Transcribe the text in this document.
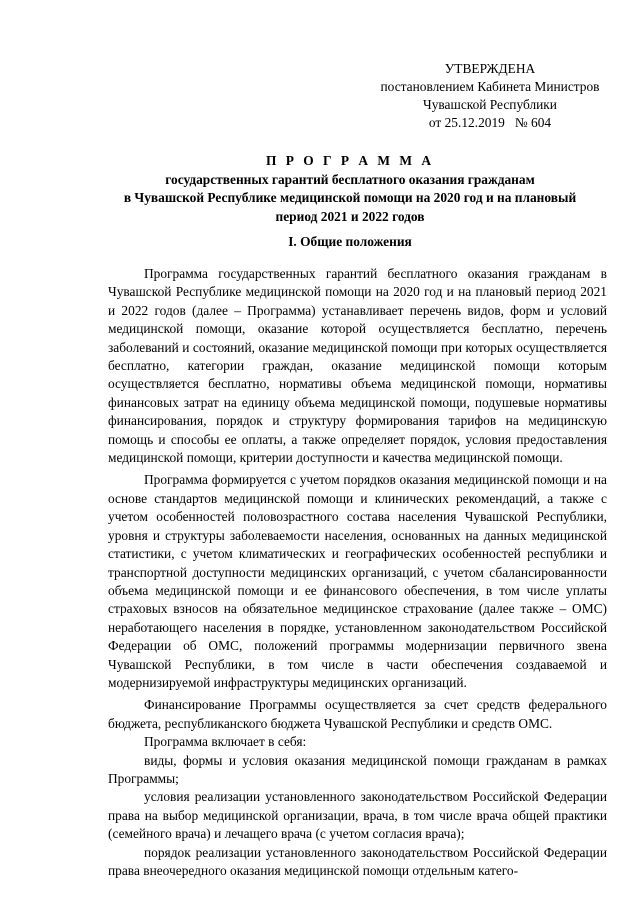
УТВЕРЖДЕНА
постановлением Кабинета Министров
Чувашской Республики
от 25.12.2019   № 604
П Р О Г Р А М М А
государственных гарантий бесплатного оказания гражданам
в Чувашской Республике медицинской помощи на 2020 год и на плановый
период 2021 и 2022 годов
I. Общие положения

Программа государственных гарантий бесплатного оказания гражданам в Чувашской Республике медицинской помощи на 2020 год и на плановый период 2021 и 2022 годов (далее – Программа) устанавливает перечень видов, форм и условий медицинской помощи, оказание которой осуществляется бесплатно, перечень заболеваний и состояний, оказание медицинской помощи при которых осуществляется бесплатно, категории граждан, оказание медицинской помощи которым осуществляется бесплатно, нормативы объема медицинской помощи, нормативы финансовых затрат на единицу объема медицинской помощи, подушевые нормативы финансирования, порядок и структуру формирования тарифов на медицинскую помощь и способы ее оплаты, а также определяет порядок, условия предоставления медицинской помощи, критерии доступности и качества медицинской помощи.

Программа формируется с учетом порядков оказания медицинской помощи и на основе стандартов медицинской помощи и клинических рекомендаций, а также с учетом особенностей половозрастного состава населения Чувашской Республики, уровня и структуры заболеваемости населения, основанных на данных медицинской статистики, с учетом климатических и географических особенностей республики и транспортной доступности медицинских организаций, с учетом сбалансированности объема медицинской помощи и ее финансового обеспечения, в том числе уплаты страховых взносов на обязательное медицинское страхование (далее также – ОМС) неработающего населения в порядке, установленном законодательством Российской Федерации об ОМС, положений программы модернизации первичного звена Чувашской Республики, в том числе в части обеспечения создаваемой и модернизируемой инфраструктуры медицинских организаций.

Финансирование Программы осуществляется за счет средств федерального бюджета, республиканского бюджета Чувашской Республики и средств ОМС.

Программа включает в себя:

виды, формы и условия оказания медицинской помощи гражданам в рамках Программы;

условия реализации установленного законодательством Российской Федерации права на выбор медицинской организации, врача, в том числе врача общей практики (семейного врача) и лечащего врача (с учетом согласия врача);

порядок реализации установленного законодательством Российской Федерации права внеочередного оказания медицинской помощи отдельным катего-
